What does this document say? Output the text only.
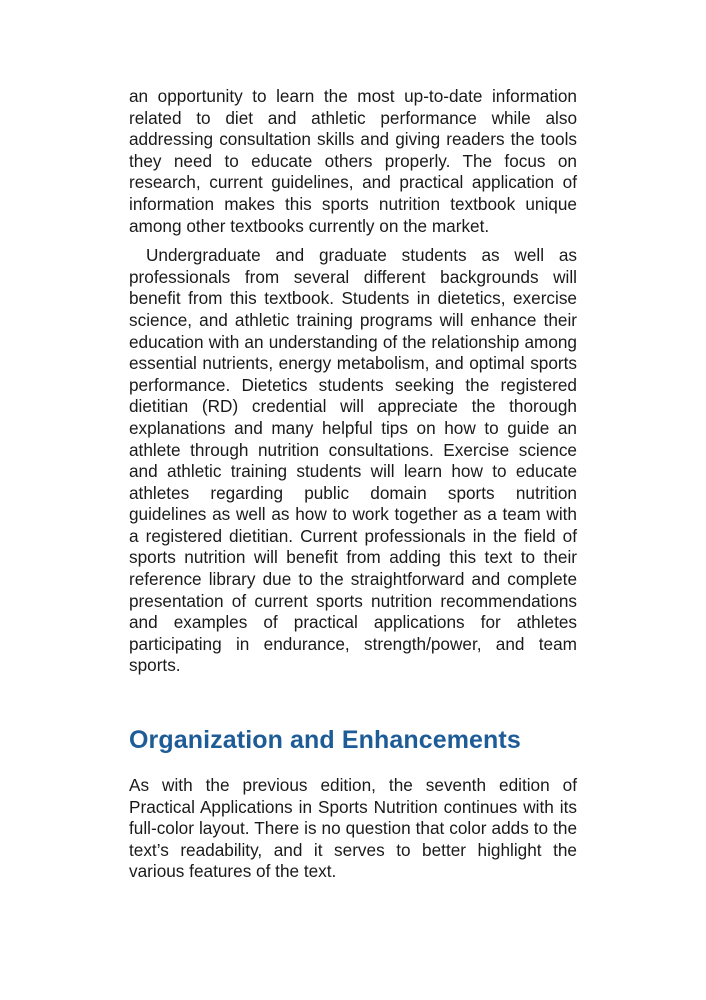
an opportunity to learn the most up-to-date information related to diet and athletic performance while also addressing consultation skills and giving readers the tools they need to educate others properly. The focus on research, current guidelines, and practical application of information makes this sports nutrition textbook unique among other textbooks currently on the market.

Undergraduate and graduate students as well as professionals from several different backgrounds will benefit from this textbook. Students in dietetics, exercise science, and athletic training programs will enhance their education with an understanding of the relationship among essential nutrients, energy metabolism, and optimal sports performance. Dietetics students seeking the registered dietitian (RD) credential will appreciate the thorough explanations and many helpful tips on how to guide an athlete through nutrition consultations. Exercise science and athletic training students will learn how to educate athletes regarding public domain sports nutrition guidelines as well as how to work together as a team with a registered dietitian. Current professionals in the field of sports nutrition will benefit from adding this text to their reference library due to the straightforward and complete presentation of current sports nutrition recommendations and examples of practical applications for athletes participating in endurance, strength/power, and team sports.

Organization and Enhancements

As with the previous edition, the seventh edition of Practical Applications in Sports Nutrition continues with its full-color layout. There is no question that color adds to the text’s readability, and it serves to better highlight the various features of the text.
